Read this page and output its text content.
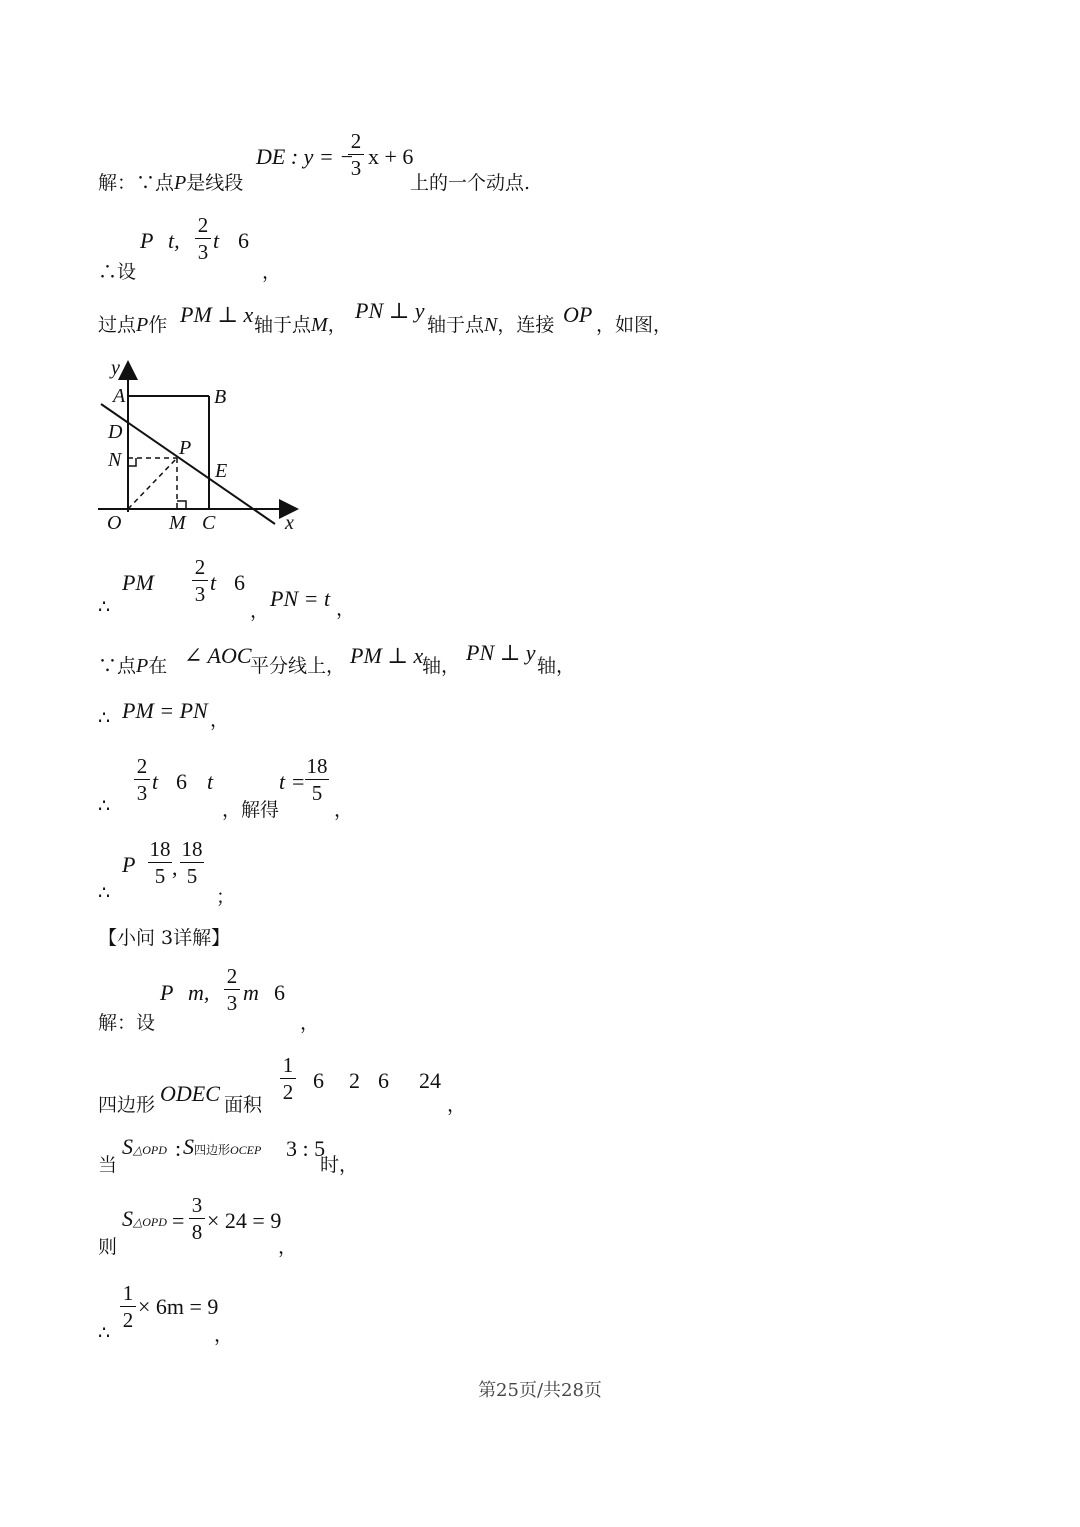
解：∵点P是线段
DE : y = −
2
3 x + 6
上的一个动点.
∴设
P t,
2
3 t 6
，
过点P作 PM ⊥ x 轴于点M，
PN ⊥ y
轴于点N，连接 OP ，如图，
y
x
A	B
D
N
P
E
O M C
∴
PM
2
3 t 6
， PN = t ，
∵点P在 ∠ AOC
平分线上， PM ⊥ x
轴，
PN ⊥ y
轴，
∴ PM = PN ，
∴
2
3 t 6 t
，解得
t =
18
5
，
∴
P
18
5 ,
18
5
；
【小问 3详解】
解：设
P m,
2
3 m 6
，
四边形 ODEC 面积
1
2 6 2 6 24
，
当
S△OPD : S四边形OCEP 3 : 5
时，
则
S△OPD =
3
8 × 24 = 9
，
∴
1
2
× 6m = 9
，
第25页/共28页
